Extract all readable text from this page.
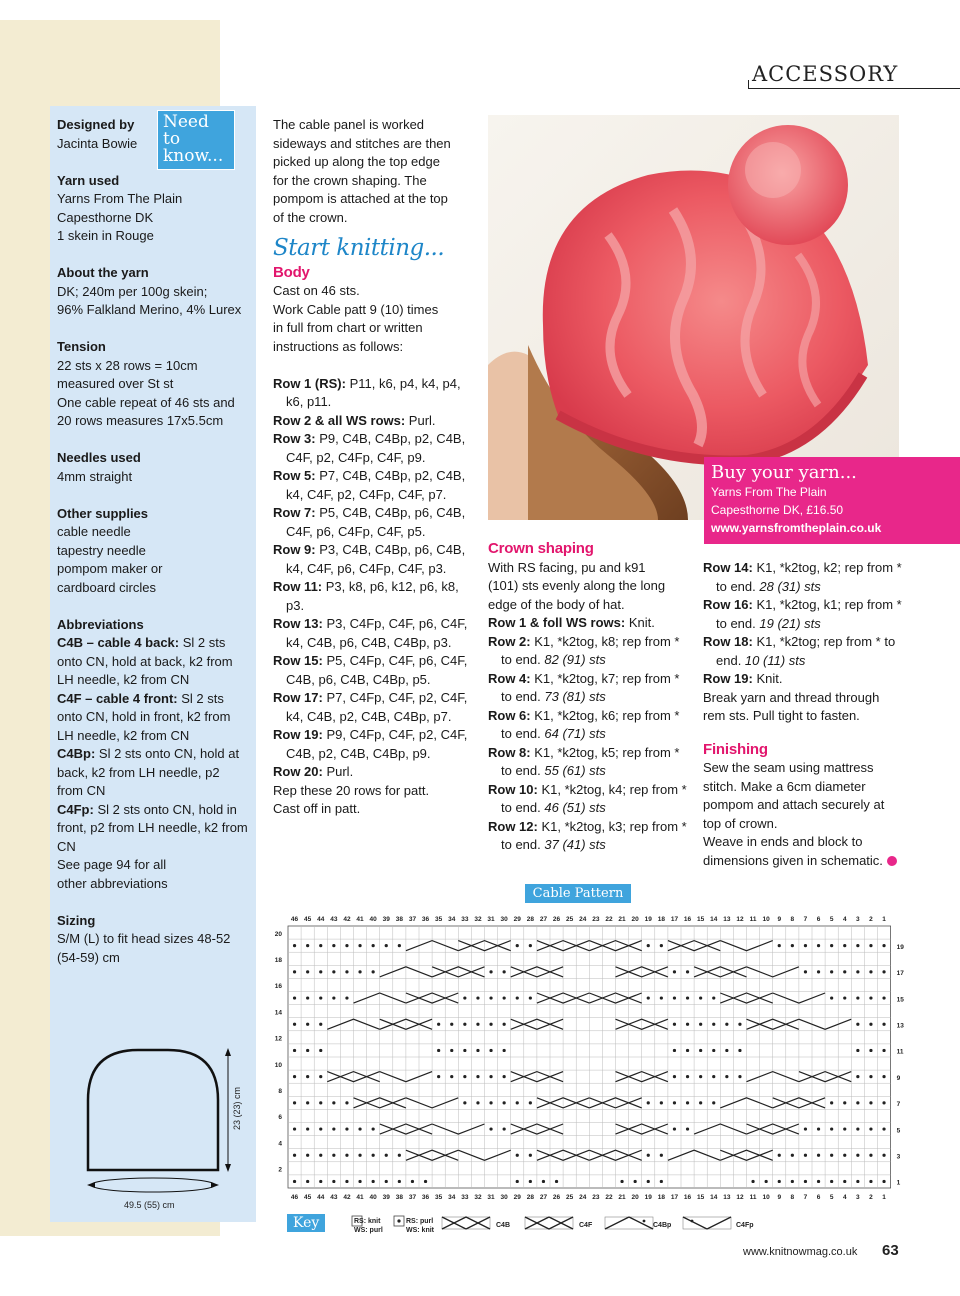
ACCESSORY
Designed by
Jacinta Bowie
Yarn used
Yarns From The Plain
Capesthorne DK
1 skein in Rouge
About the yarn
DK; 240m per 100g skein;
96% Falkland Merino, 4% Lurex
Tension
22 sts x 28 rows = 10cm
measured over St st
One cable repeat of 46 sts and
20 rows measures 17x5.5cm
Needles used
4mm straight
Other supplies
cable needle
tapestry needle
pompom maker or
cardboard circles
Abbreviations
C4B – cable 4 back: Sl 2 sts onto CN, hold at back, k2 from LH needle, k2 from CN
C4F – cable 4 front: Sl 2 sts onto CN, hold in front, k2 from LH needle, k2 from CN
C4Bp: Sl 2 sts onto CN, hold at back, k2 from LH needle, p2 from CN
C4Fp: Sl 2 sts onto CN, hold in front, p2 from LH needle, k2 from CN
See page 94 for all
other abbreviations
Sizing
S/M (L) to fit head sizes 48-52
(54-59) cm
Need to know...
23 (23) cm
49.5 (55) cm

The cable panel is worked

sideways and stitches are then

picked up along the top edge

for the crown shaping. The

pompom is attached at the top

of the crown.

Start knitting...
Body

Cast on 46 sts.

Work Cable patt 9 (10) times

in full from chart or written

instructions as follows:

Row 1 (RS): P11, k6, p4, k4, p4, k6, p11.

Row 2 & all WS rows: Purl.

Row 3: P9, C4B, C4Bp, p2, C4B, C4F, p2, C4Fp, C4F, p9.

Row 5: P7, C4B, C4Bp, p2, C4B, k4, C4F, p2, C4Fp, C4F, p7.

Row 7: P5, C4B, C4Bp, p6, C4B, C4F, p6, C4Fp, C4F, p5.

Row 9: P3, C4B, C4Bp, p6, C4B, k4, C4F, p6, C4Fp, C4F, p3.

Row 11: P3, k8, p6, k12, p6, k8, p3.

Row 13: P3, C4Fp, C4F, p6, C4F, k4, C4B, p6, C4B, C4Bp, p3.

Row 15: P5, C4Fp, C4F, p6, C4F, C4B, p6, C4B, C4Bp, p5.

Row 17: P7, C4Fp, C4F, p2, C4F, k4, C4B, p2, C4B, C4Bp, p7.

Row 19: P9, C4Fp, C4F, p2, C4F, C4B, p2, C4B, C4Bp, p9.

Row 20: Purl.

Rep these 20 rows for patt.

Cast off in patt.

Buy your yarn...
Yarns From The Plain
Capesthorne DK, £16.50
www.yarnsfromtheplain.co.uk
Crown shaping

With RS facing, pu and k91

(101) sts evenly along the long

edge of the body of hat.

Row 1 & foll WS rows: Knit.

Row 2: K1, *k2tog, k8; rep from * to end. 82 (91) sts

Row 4: K1, *k2tog, k7; rep from * to end. 73 (81) sts

Row 6: K1, *k2tog, k6; rep from * to end. 64 (71) sts

Row 8: K1, *k2tog, k5; rep from * to end. 55 (61) sts

Row 10: K1, *k2tog, k4; rep from * to end. 46 (51) sts

Row 12: K1, *k2tog, k3; rep from * to end. 37 (41) sts

Row 14: K1, *k2tog, k2; rep from * to end. 28 (31) sts

Row 16: K1, *k2tog, k1; rep from * to end. 19 (21) sts

Row 18: K1, *k2tog; rep from * to end. 10 (11) sts

Row 19: Knit.

Break yarn and thread through

rem sts. Pull tight to fasten.

Finishing

Sew the seam using mattress

stitch. Make a 6cm diameter

pompom and attach securely at

top of crown.

Weave in ends and block to

dimensions given in schematic.

Cable Pattern
46
46
45
45
44
44
43
43
42
42
41
41
40
40
39
39
38
38
37
37
36
36
35
35
34
34
33
33
32
32
31
31
30
30
29
29
28
28
27
27
26
26
25
25
24
24
23
23
22
22
21
21
20
20
19
19
18
18
17
17
16
16
15
15
14
14
13
13
12
12
11
11
10
10
9
9
8
8
7
7
6
6
5
5
4
4
3
3
2
2
1
1
20
18
16
14
12
10
8
6
4
2
19
17
15
13
11
9
7
5
3
1
Key	RS: knit
WS: purl
RS: purl
WS: knit
C4B	C4F	C4Bp	C4Fp
www.knitnowmag.co.uk 63
